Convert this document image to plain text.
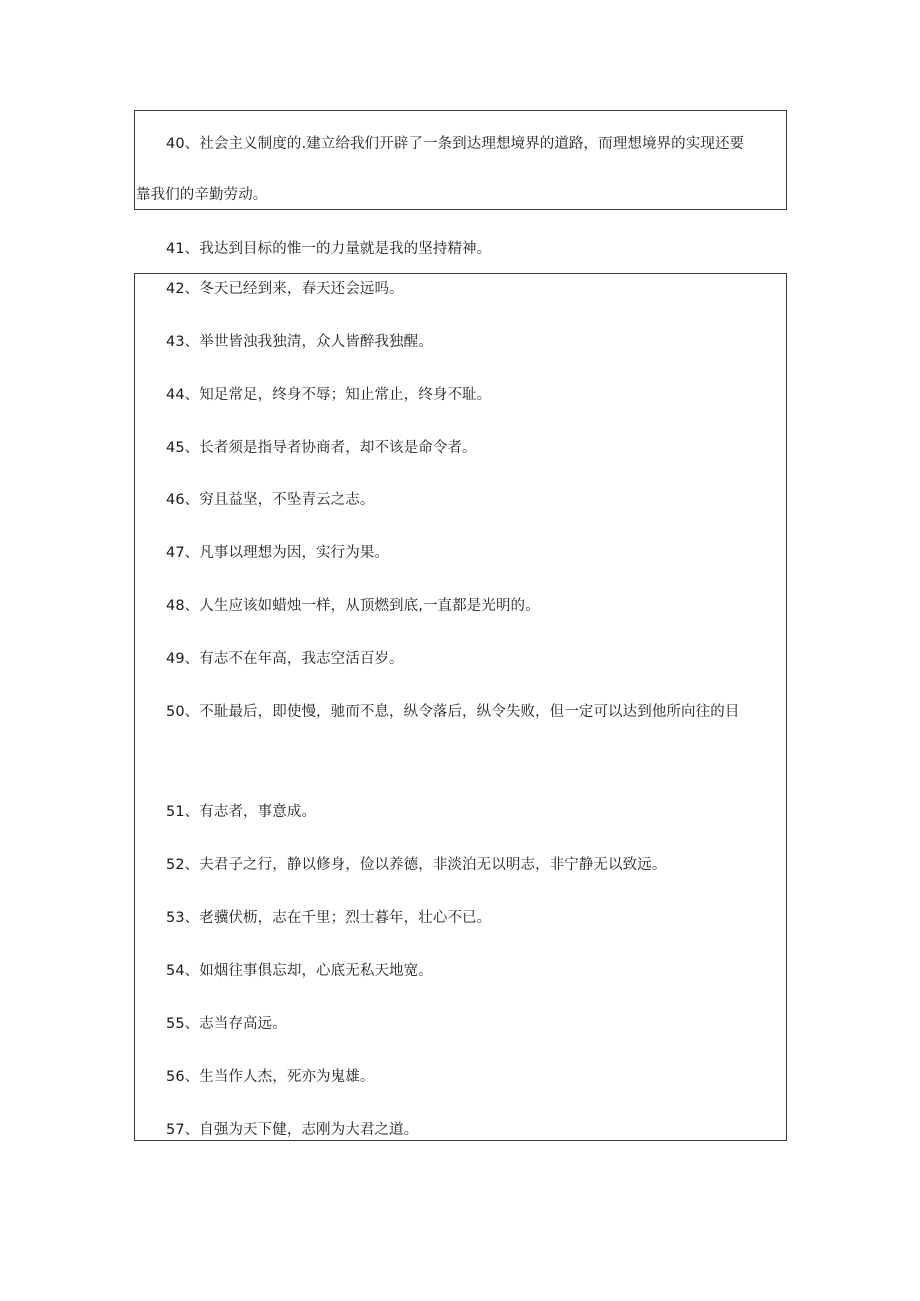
40、社会主义制度的.建立给我们开辟了一条到达理想境界的道路，而理想境界的实现还要
靠我们的辛勤劳动。
41、我达到目标的惟一的力量就是我的坚持精神。
42、冬天已经到来，春天还会远吗。
43、举世皆浊我独清，众人皆醉我独醒。
44、知足常足，终身不辱；知止常止，终身不耻。
45、长者须是指导者协商者，却不该是命令者。
46、穷且益坚，不坠青云之志。
47、凡事以理想为因，实行为果。
48、人生应该如蜡烛一样，从顶燃到底,一直都是光明的。
49、有志不在年高，我志空活百岁。
50、不耻最后，即使慢，驰而不息，纵令落后，纵令失败，但一定可以达到他所向往的目
51、有志者，事意成。
52、夫君子之行，静以修身，俭以养德，非淡泊无以明志，非宁静无以致远。
53、老骥伏枥，志在千里；烈士暮年，壮心不已。
54、如烟往事俱忘却，心底无私天地宽。
55、志当存高远。
56、生当作人杰，死亦为鬼雄。
57、自强为天下健，志刚为大君之道。
